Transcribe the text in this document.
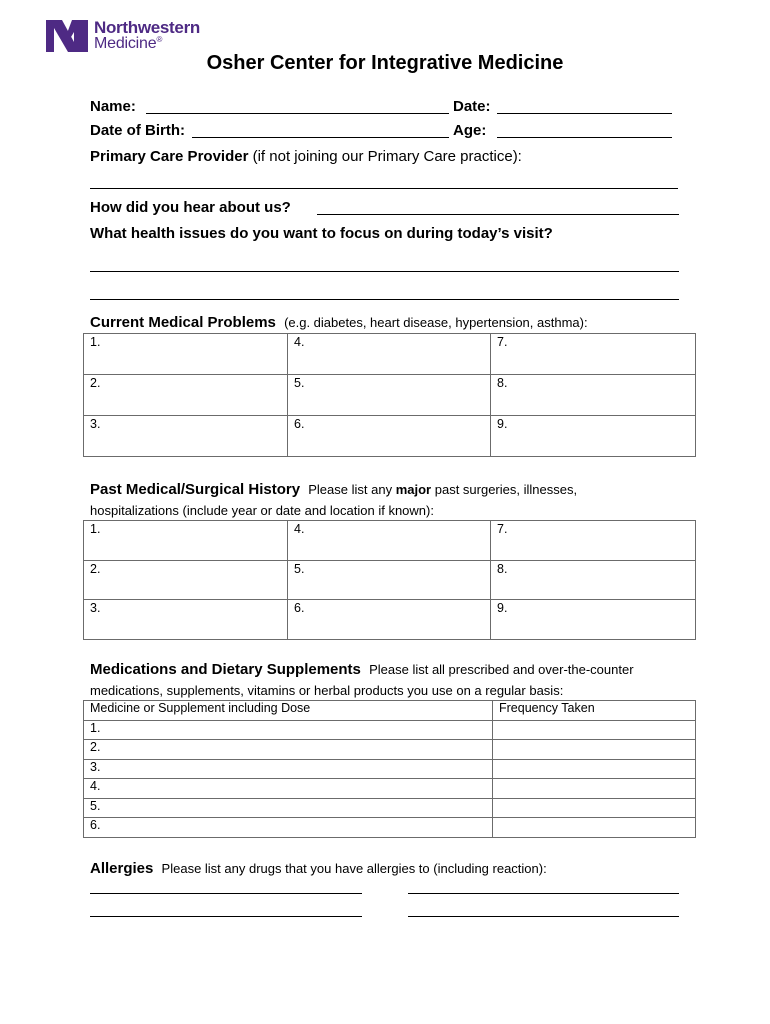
Northwestern
Medicine®
Osher Center for Integrative Medicine
Name:	Date:
Date of Birth:	Age:
Primary Care Provider (if not joining our Primary Care practice):
How did you hear about us?
What health issues do you want to focus on during today’s visit?
Current Medical Problems (e.g. diabetes, heart disease, hypertension, asthma):
1.	4.	7.
2.	5.	8.
3.	6.	9.
Past Medical/Surgical History Please list any major past surgeries, illnesses,
hospitalizations (include year or date and location if known):
1.	4.	7.
2.	5.	8.
3.	6.	9.
Medications and Dietary Supplements Please list all prescribed and over-the-counter
medications, supplements, vitamins or herbal products you use on a regular basis:
Medicine or Supplement including Dose	Frequency Taken
1.	
2.	
3.	
4.	
5.	
6.	
Allergies Please list any drugs that you have allergies to (including reaction):
